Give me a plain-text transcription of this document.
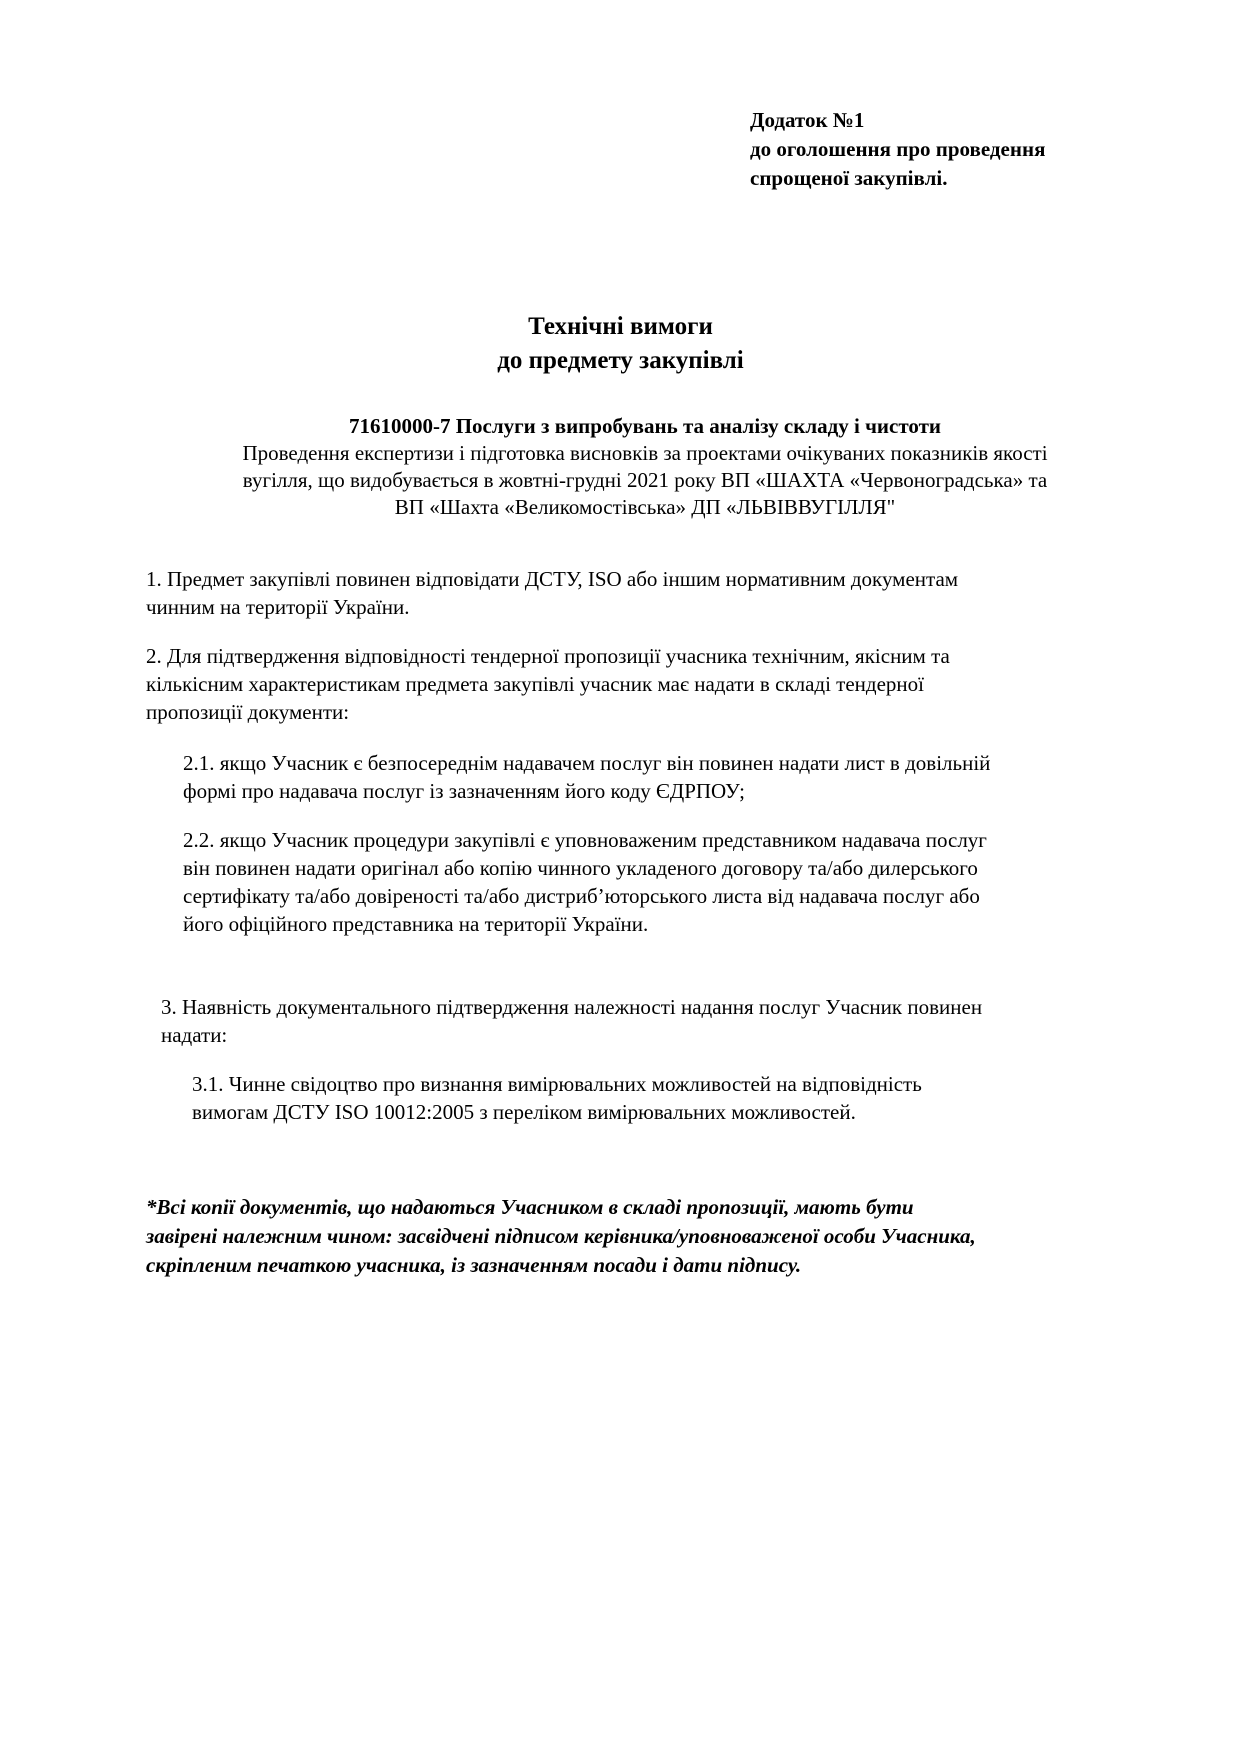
Додаток №1
до оголошення про проведення
спрощеної закупівлі.
Технічні вимоги
до предмету закупівлі
71610000-7 Послуги з випробувань та аналізу складу і чистоти
Проведення експертизи і підготовка висновків за проектами очікуваних показників якості
вугілля, що видобувається в жовтні-грудні 2021 року ВП «ШАХТА «Червоноградська» та
ВП «Шахта «Великомостівська» ДП «ЛЬВІВВУГІЛЛЯ"
1. Предмет закупівлі повинен відповідати ДСТУ, ISO або іншим нормативним документам
чинним на території України.
2. Для підтвердження відповідності тендерної пропозиції учасника технічним, якісним та
кількісним характеристикам предмета закупівлі учасник має надати в складі тендерної
пропозиції документи:
2.1. якщо Учасник є безпосереднім надавачем послуг він повинен надати лист в довільній
формі про надавача послуг із зазначенням його коду ЄДРПОУ;
2.2. якщо Учасник процедури закупівлі є уповноваженим представником надавача послуг
він повинен надати оригінал або копію чинного укладеного договору та/або дилерського
сертифікату та/або довіреності та/або дистриб’юторського листа від надавача послуг або
його офіційного представника на території України.
3. Наявність документального підтвердження належності надання послуг Учасник повинен
надати:
3.1. Чинне свідоцтво про визнання вимірювальних можливостей на відповідність
вимогам ДСТУ ISO 10012:2005 з переліком вимірювальних можливостей.
*Всі копії документів, що надаються Учасником в складі пропозиції, мають бути
завірені належним чином: засвідчені підписом керівника/уповноваженої особи Учасника,
скріпленим печаткою учасника, із зазначенням посади і дати підпису.
